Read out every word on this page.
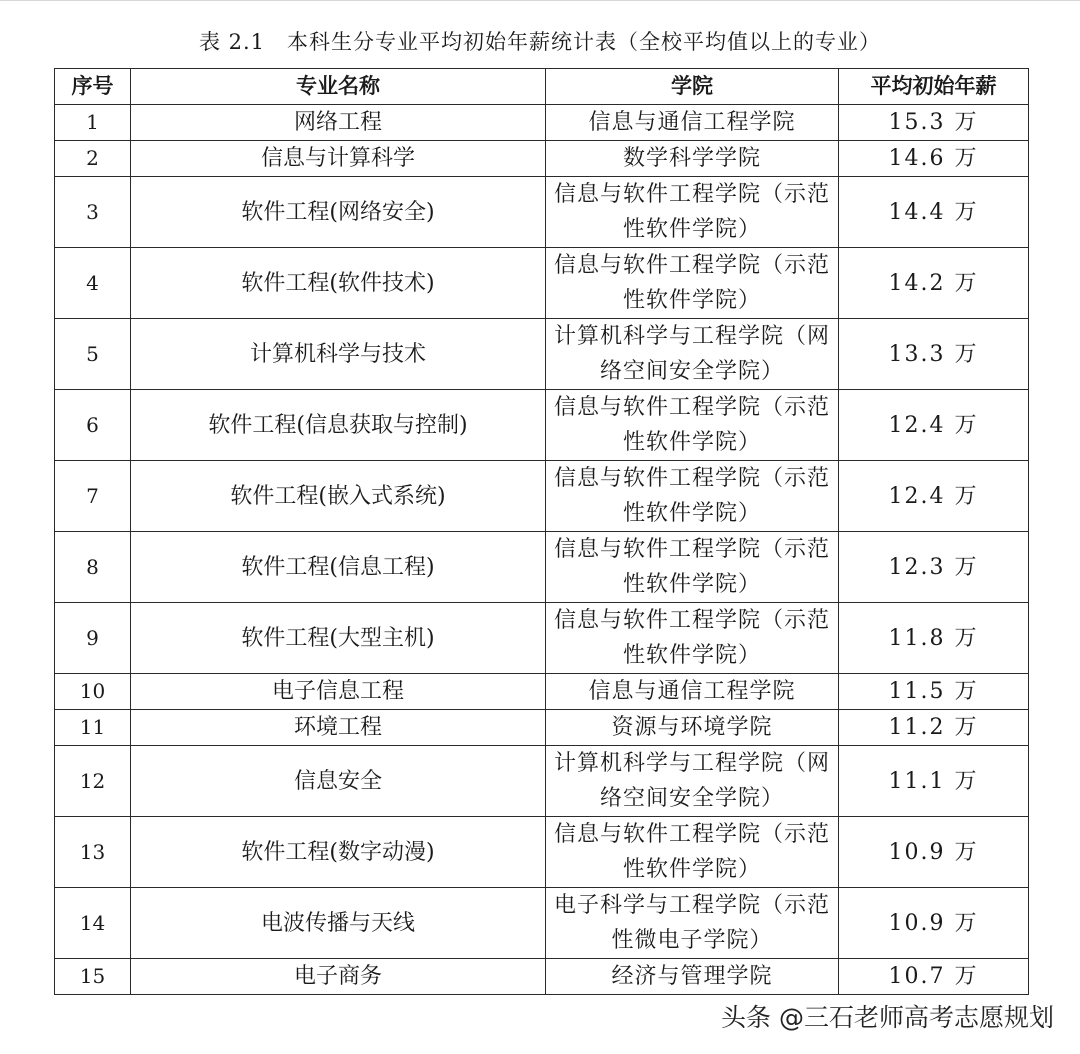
表 2.1 本科生分专业平均初始年薪统计表（全校平均值以上的专业）
序号	专业名称	学院	平均初始年薪
1	网络工程	信息与通信工程学院	15.3 万
2	信息与计算科学	数学科学学院	14.6 万
3	软件工程(网络安全)	信息与软件工程学院（示范性软件学院）	14.4 万
4	软件工程(软件技术)	信息与软件工程学院（示范性软件学院）	14.2 万
5	计算机科学与技术	计算机科学与工程学院（网络空间安全学院）	13.3 万
6	软件工程(信息获取与控制)	信息与软件工程学院（示范性软件学院）	12.4 万
7	软件工程(嵌入式系统)	信息与软件工程学院（示范性软件学院）	12.4 万
8	软件工程(信息工程)	信息与软件工程学院（示范性软件学院）	12.3 万
9	软件工程(大型主机)	信息与软件工程学院（示范性软件学院）	11.8 万
10	电子信息工程	信息与通信工程学院	11.5 万
11	环境工程	资源与环境学院	11.2 万
12	信息安全	计算机科学与工程学院（网络空间安全学院）	11.1 万
13	软件工程(数字动漫)	信息与软件工程学院（示范性软件学院）	10.9 万
14	电波传播与天线	电子科学与工程学院（示范性微电子学院）	10.9 万
15	电子商务	经济与管理学院	10.7 万
头条 @三石老师高考志愿规划
